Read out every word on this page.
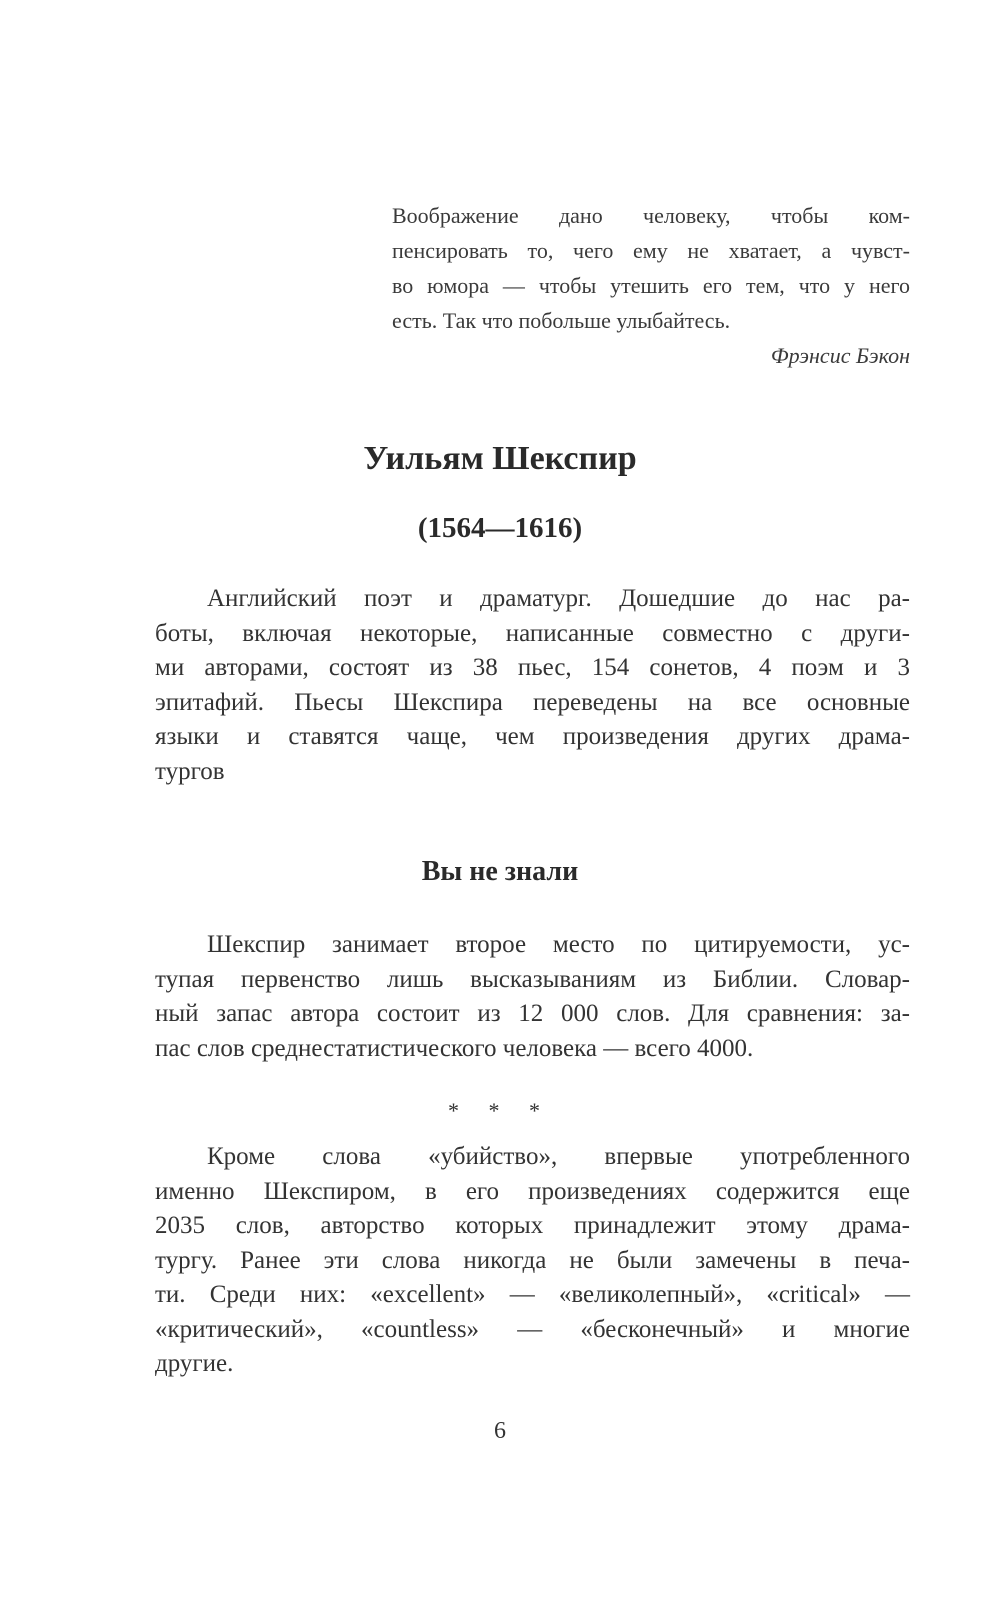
Воображение дано человеку, чтобы ком-
пенсировать то, чего ему не хватает, а чувст-
во юмора — чтобы утешить его тем, что у него
есть. Так что побольше улыбайтесь.
Фрэнсис Бэкон
Уильям Шекспир
(1564—1616)
Английский поэт и драматург. Дошедшие до нас ра-
боты, включая некоторые, написанные совместно с други-
ми авторами, состоят из 38 пьес, 154 сонетов, 4 поэм и 3
эпитафий. Пьесы Шекспира переведены на все основные
языки и ставятся чаще, чем произведения других драма-
тургов
Вы не знали
Шекспир занимает второе место по цитируемости, ус-
тупая первенство лишь высказываниям из Библии. Словар-
ный запас автора состоит из 12 000 слов. Для сравнения: за-
пас слов среднестатистического человека — всего 4000.
* * *
Кроме слова «убийство», впервые употребленного
именно Шекспиром, в его произведениях содержится еще
2035 слов, авторство которых принадлежит этому драма-
тургу. Ранее эти слова никогда не были замечены в печа-
ти. Среди них: «excellent» — «великолепный», «critical» —
«критический», «countless» — «бесконечный» и многие
другие.
6
